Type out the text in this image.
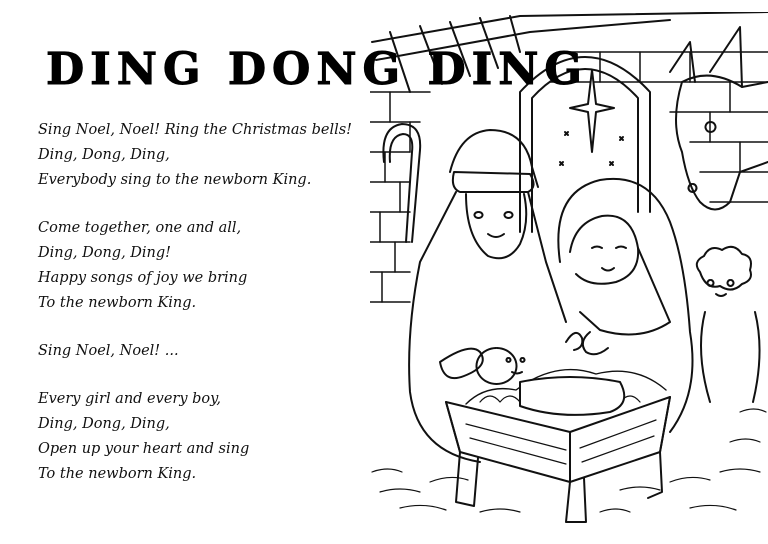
DING DONG DING

Sing Noel, Noel! Ring the Christmas bells!
Ding, Dong, Ding,
Everybody sing to the newborn King.

Come together, one and all,
Ding, Dong, Ding!
Happy songs of joy we bring
To the newborn King.

Sing Noel, Noel! ...

Every girl and every boy,
Ding, Dong, Ding,
Open up your heart and sing
To the newborn King.
